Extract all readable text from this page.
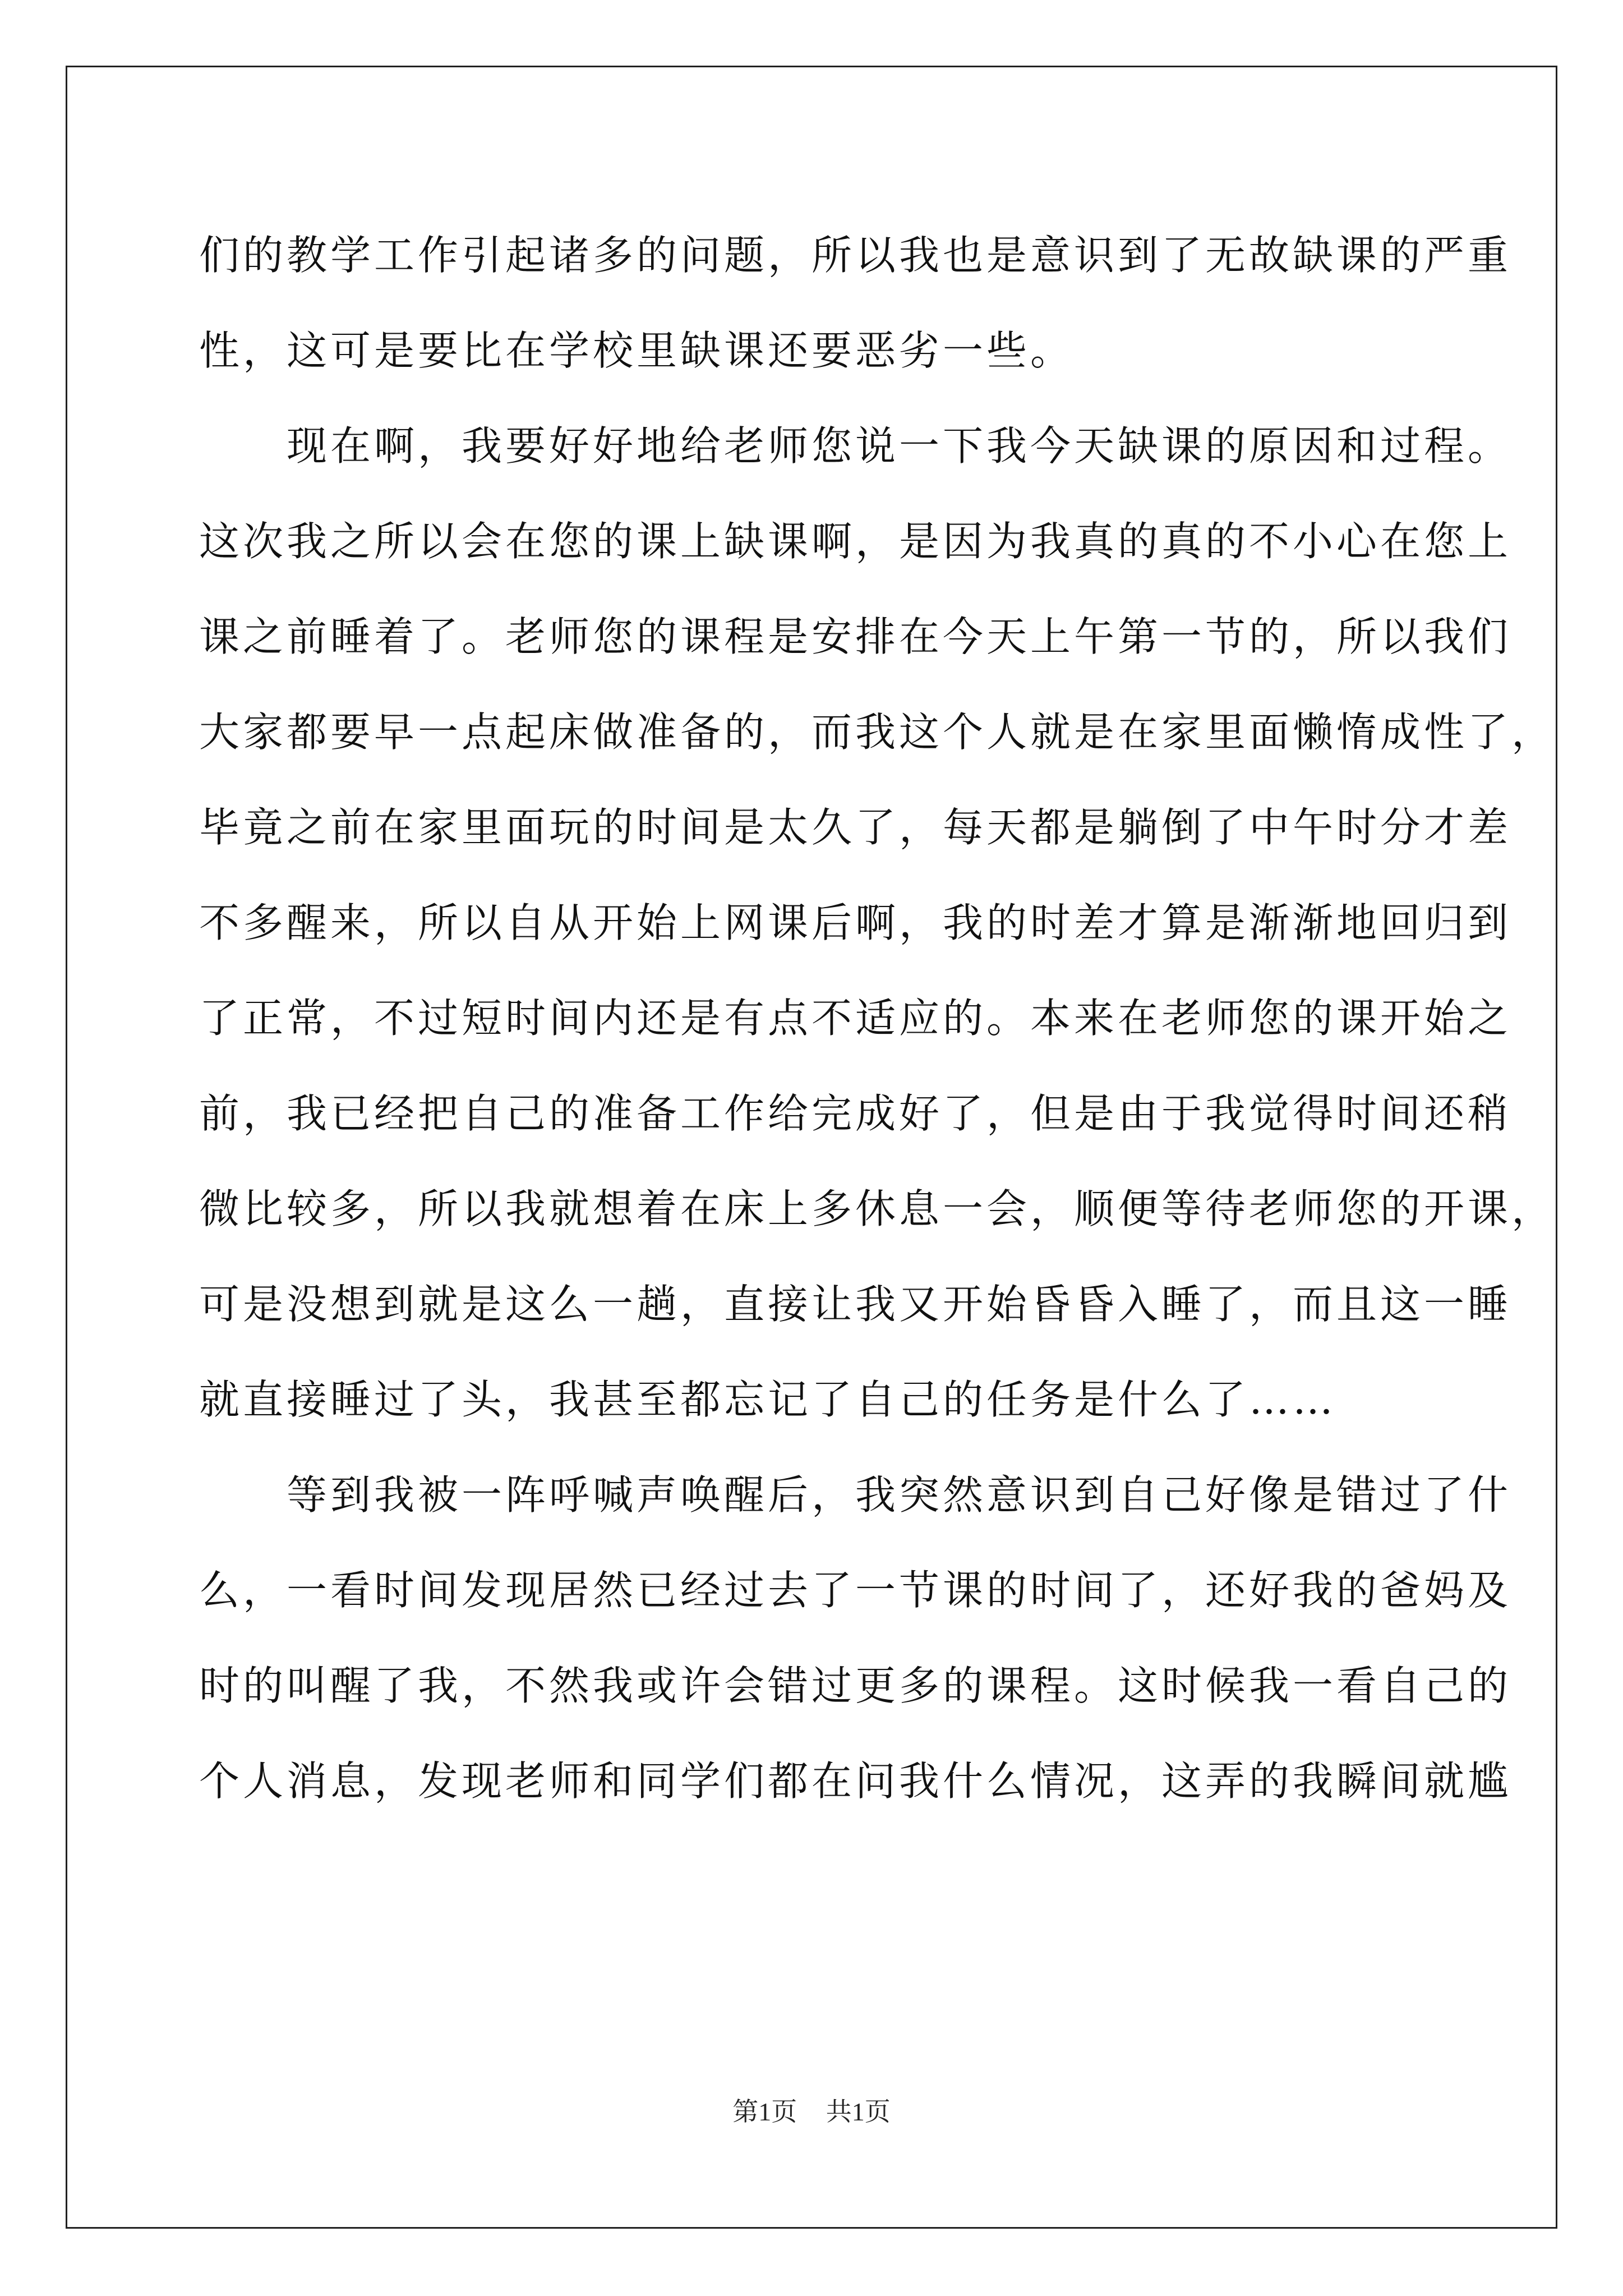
们的教学工作引起诸多的问题，所以我也是意识到了无故缺课的严重
性，这可是要比在学校里缺课还要恶劣一些。
现在啊，我要好好地给老师您说一下我今天缺课的原因和过程。
这次我之所以会在您的课上缺课啊，是因为我真的真的不小心在您上
课之前睡着了。老师您的课程是安排在今天上午第一节的，所以我们
大家都要早一点起床做准备的，而我这个人就是在家里面懒惰成性了，
毕竟之前在家里面玩的时间是太久了，每天都是躺倒了中午时分才差
不多醒来，所以自从开始上网课后啊，我的时差才算是渐渐地回归到
了正常，不过短时间内还是有点不适应的。本来在老师您的课开始之
前，我已经把自己的准备工作给完成好了，但是由于我觉得时间还稍
微比较多，所以我就想着在床上多休息一会，顺便等待老师您的开课，
可是没想到就是这么一趟，直接让我又开始昏昏入睡了，而且这一睡
就直接睡过了头，我甚至都忘记了自己的任务是什么了……
等到我被一阵呼喊声唤醒后，我突然意识到自己好像是错过了什
么，一看时间发现居然已经过去了一节课的时间了，还好我的爸妈及
时的叫醒了我，不然我或许会错过更多的课程。这时候我一看自己的
个人消息，发现老师和同学们都在问我什么情况，这弄的我瞬间就尴
第1页 共1页
